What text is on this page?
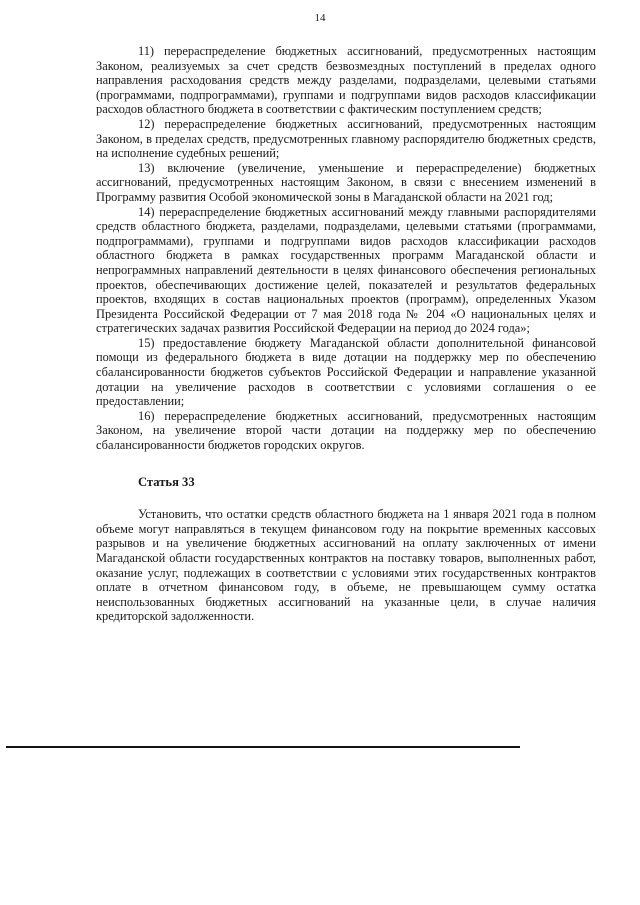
14

11) перераспределение бюджетных ассигнований, предусмотренных настоящим Законом, реализуемых за счет средств безвозмездных поступлений в пределах одного направления расходования средств между разделами, подразделами, целевыми статьями (программами, подпрограммами), группами и подгруппами видов расходов классификации расходов областного бюджета в соответствии с фактическим поступлением средств;

12) перераспределение бюджетных ассигнований, предусмотренных настоящим Законом, в пределах средств, предусмотренных главному распорядителю бюджетных средств, на исполнение судебных решений;

13) включение (увеличение, уменьшение и перераспределение) бюджетных ассигнований, предусмотренных настоящим Законом, в связи с внесением изменений в Программу развития Особой экономической зоны в Магаданской области на 2021 год;

14) перераспределение бюджетных ассигнований между главными распорядителями средств областного бюджета, разделами, подразделами, целевыми статьями (программами, подпрограммами), группами и подгруппами видов расходов классификации расходов областного бюджета в рамках государственных программ Магаданской области и непрограммных направлений деятельности в целях финансового обеспечения региональных проектов, обеспечивающих достижение целей, показателей и результатов федеральных проектов, входящих в состав национальных проектов (программ), определенных Указом Президента Российской Федерации от 7 мая 2018 года № 204 «О национальных целях и стратегических задачах развития Российской Федерации на период до 2024 года»;

15) предоставление бюджету Магаданской области дополнительной финансовой помощи из федерального бюджета в виде дотации на поддержку мер по обеспечению сбалансированности бюджетов субъектов Российской Федерации и направление указанной дотации на увеличение расходов в соответствии с условиями соглашения о ее предоставлении;

16) перераспределение бюджетных ассигнований, предусмотренных настоящим Законом, на увеличение второй части дотации на поддержку мер по обеспечению сбалансированности бюджетов городских округов.

Статья 33

Установить, что остатки средств областного бюджета на 1 января 2021 года в полном объеме могут направляться в текущем финансовом году на покрытие временных кассовых разрывов и на увеличение бюджетных ассигнований на оплату заключенных от имени Магаданской области государственных контрактов на поставку товаров, выполненных работ, оказание услуг, подлежащих в соответствии с условиями этих государственных контрактов оплате в отчетном финансовом году, в объеме, не превышающем сумму остатка неиспользованных бюджетных ассигнований на указанные цели, в случае наличия кредиторской задолженности.
